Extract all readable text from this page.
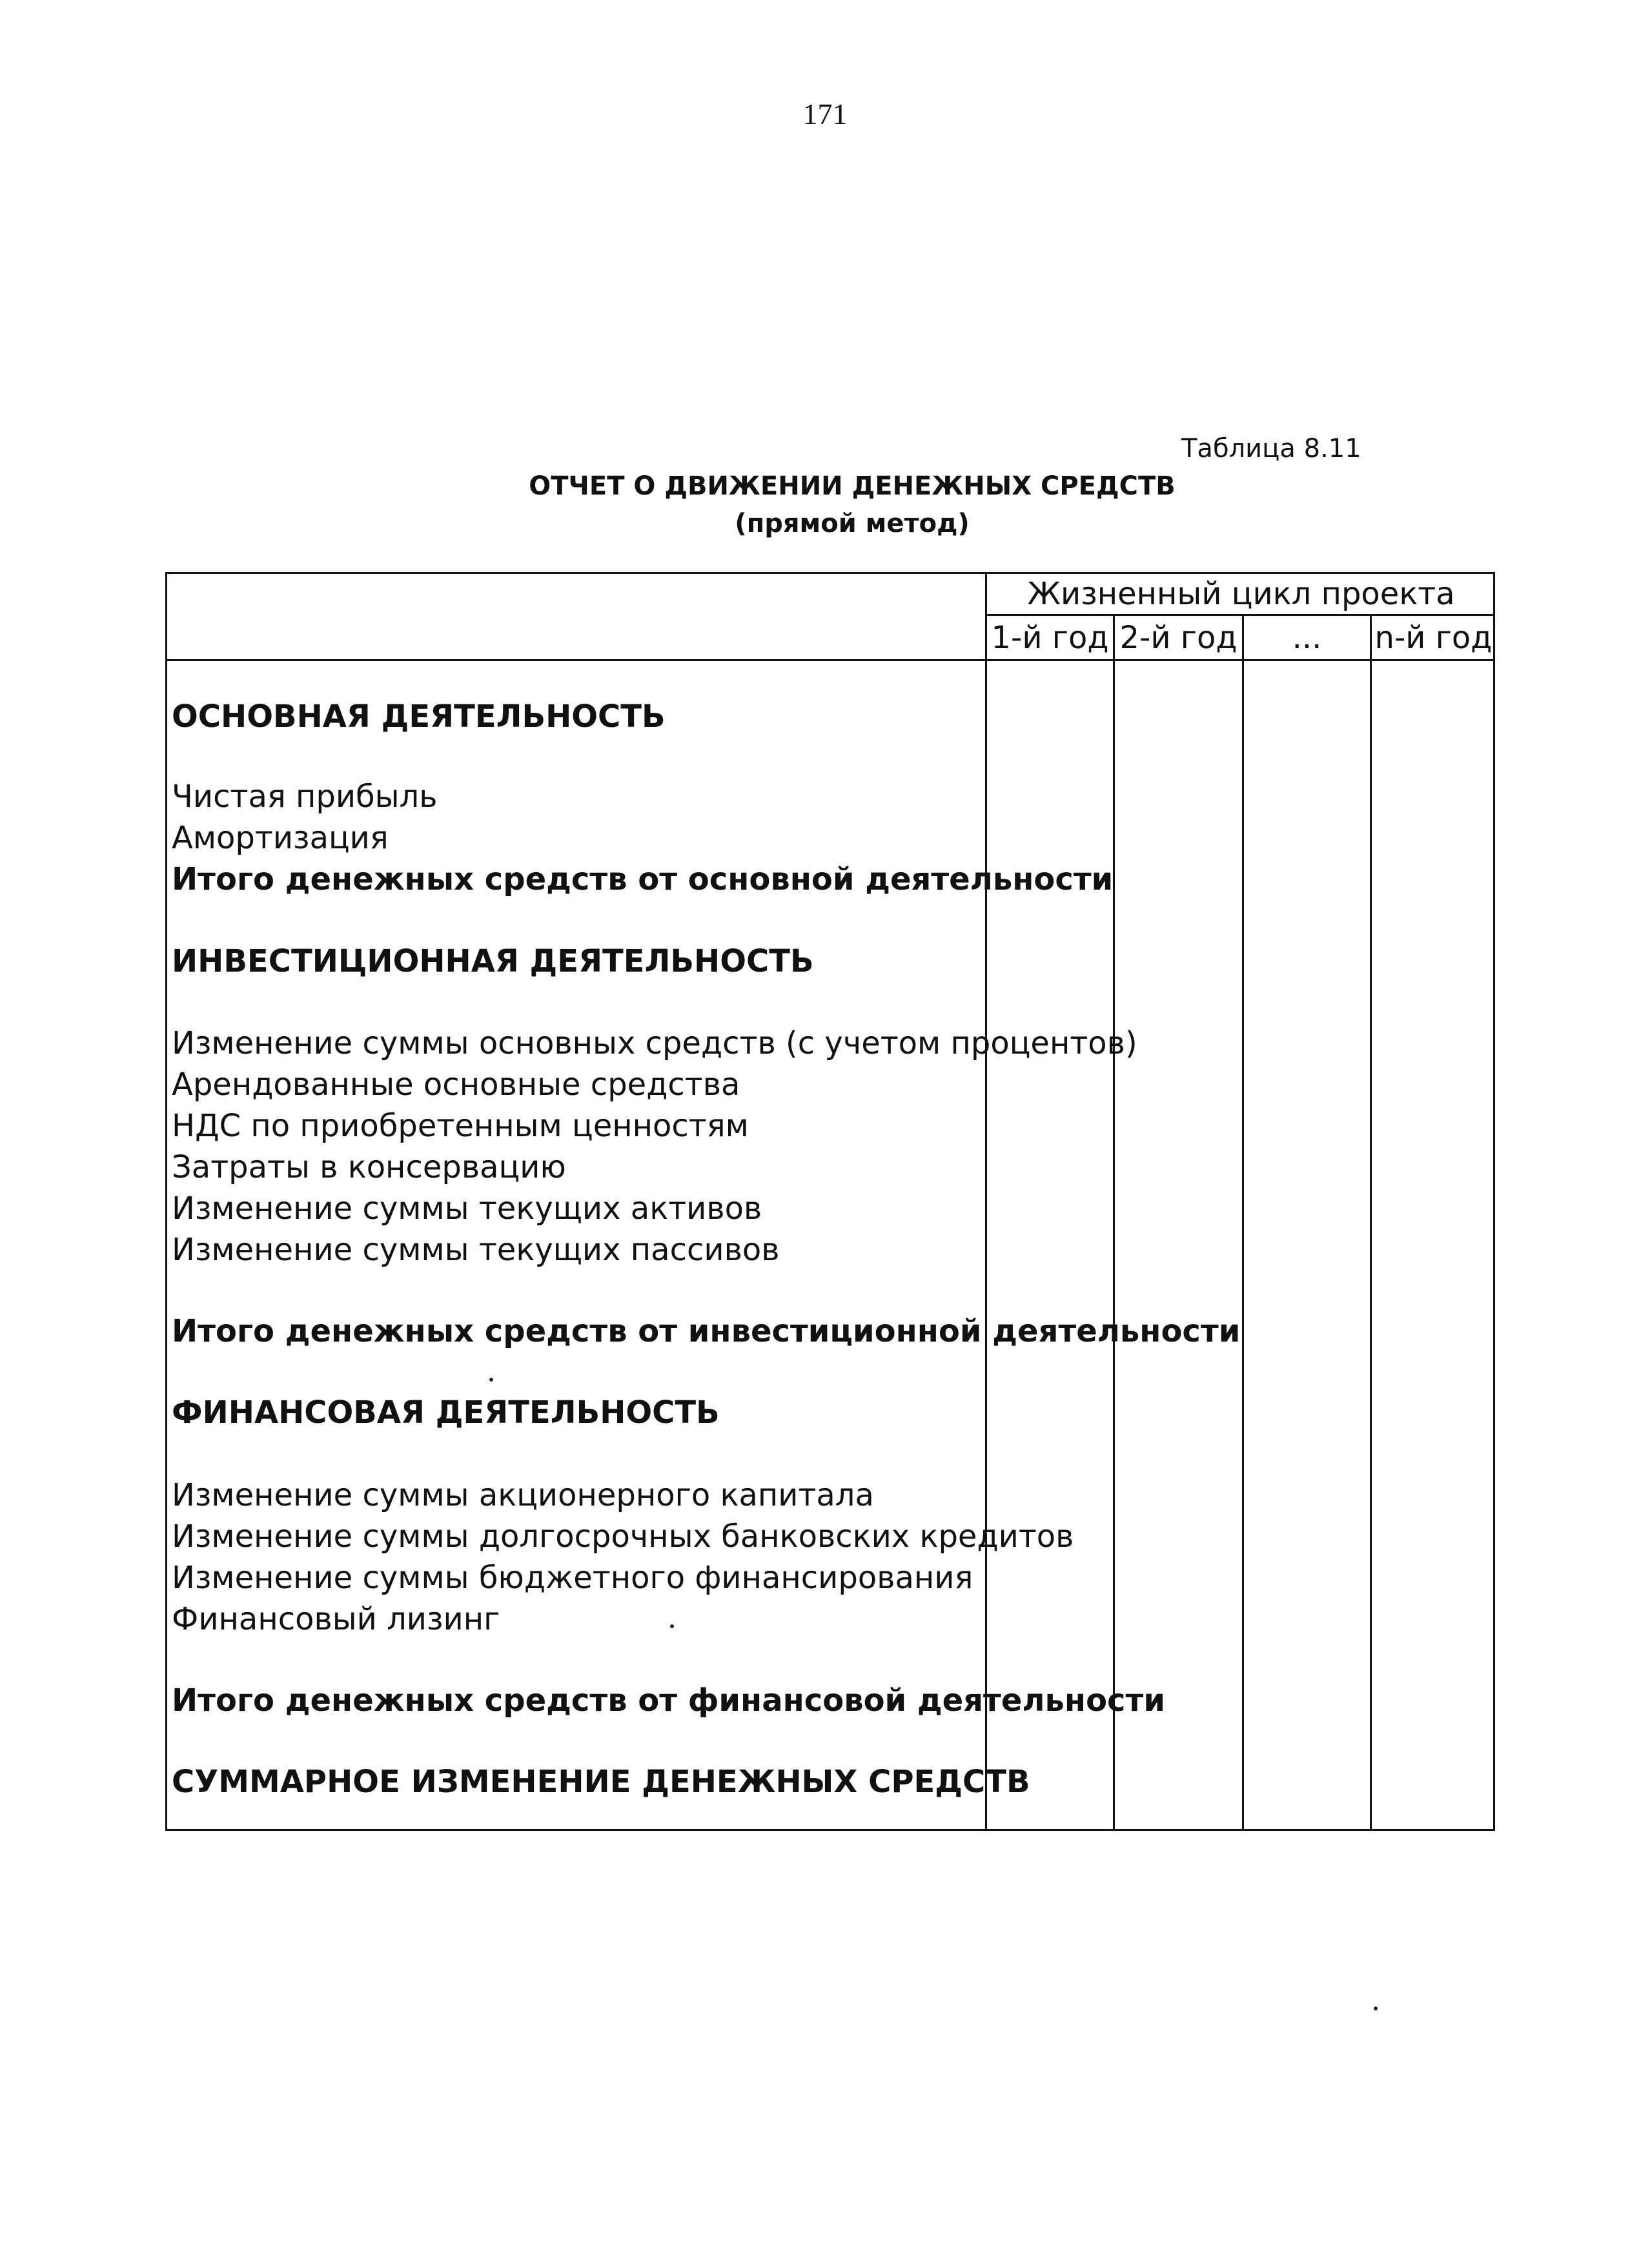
171
Таблица 8.11
ОТЧЕТ О ДВИЖЕНИИ ДЕНЕЖНЫХ СРЕДСТВ
(прямой метод)
Жизненный цикл проекта
1-й год 2-й год	...	n-й год
ОСНОВНАЯ ДЕЯТЕЛЬНОСТЬ
Чистая прибыль
Амортизация
Итого денежных средств от основной деятельности
ИНВЕСТИЦИОННАЯ ДЕЯТЕЛЬНОСТЬ
Изменение суммы основных средств (с учетом процентов)
Арендованные основные средства
НДС по приобретенным ценностям
Затраты в консервацию
Изменение суммы текущих активов
Изменение суммы текущих пассивов
Итого денежных средств от инвестиционной деятельности
ФИНАНСОВАЯ ДЕЯТЕЛЬНОСТЬ
Изменение суммы акционерного капитала
Изменение суммы долгосрочных банковских кредитов
Изменение суммы бюджетного финансирования
Финансовый лизинг
Итого денежных средств от финансовой деятельности
СУММАРНОЕ ИЗМЕНЕНИЕ ДЕНЕЖНЫХ СРЕДСТВ
